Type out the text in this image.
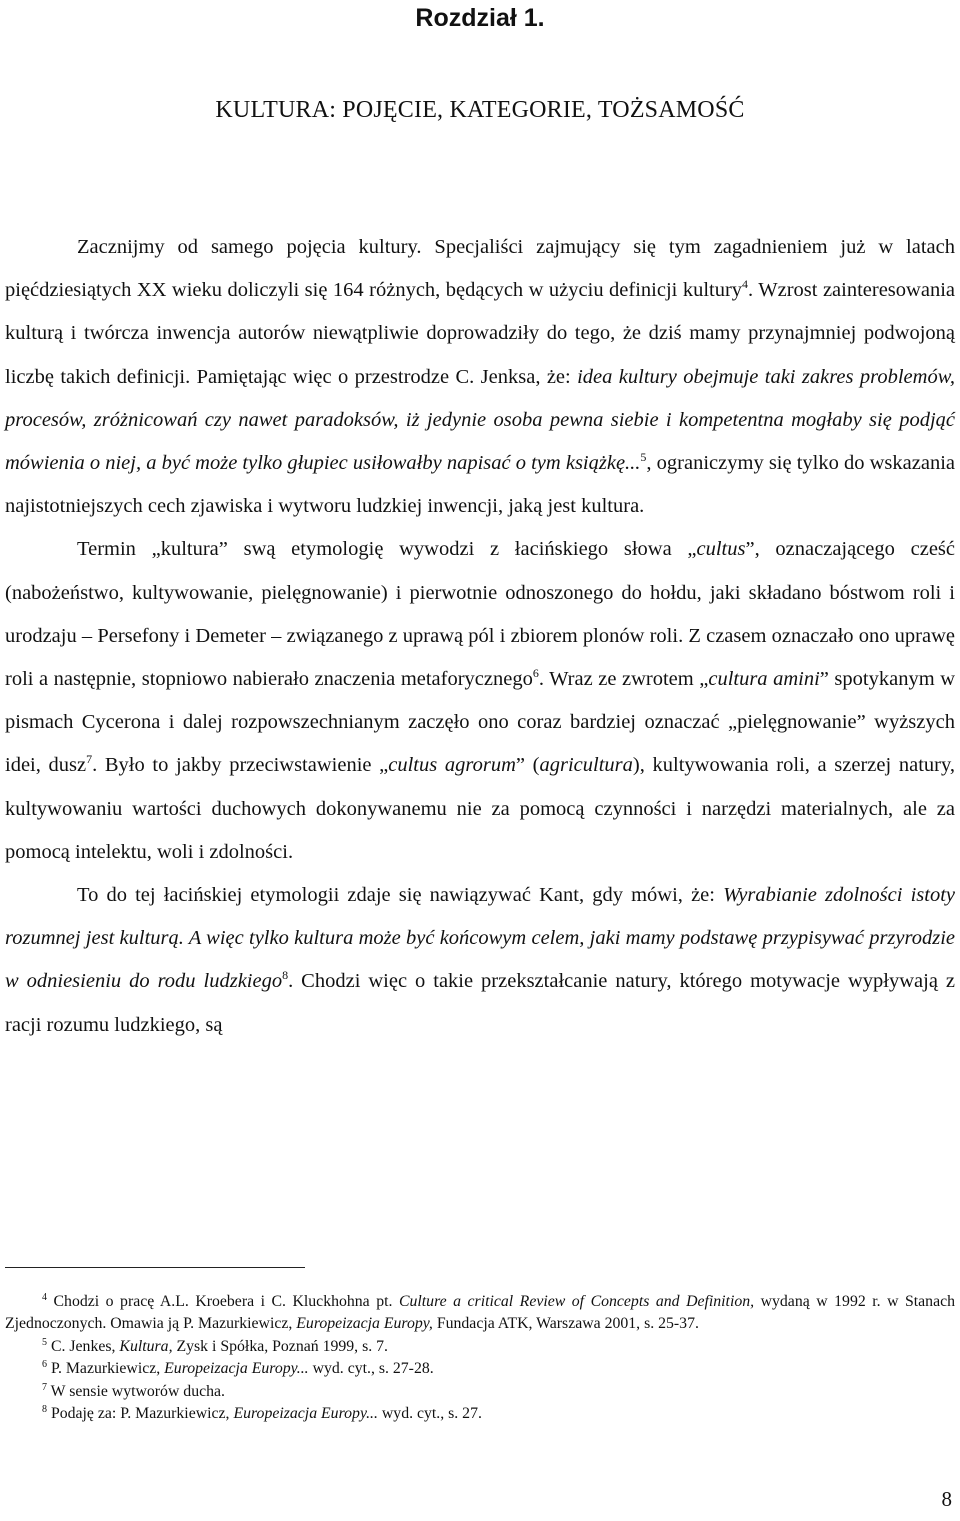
Rozdział 1.
KULTURA: POJĘCIE, KATEGORIE, TOŻSAMOŚĆ

Zacznijmy od samego pojęcia kultury. Specjaliści zajmujący się tym zagadnieniem już w latach pięćdziesiątych XX wieku doliczyli się 164 różnych, będących w użyciu definicji kultury$^4$. Wzrost zainteresowania kulturą i twórcza inwencja autorów niewątpliwie doprowadziły do tego, że dziś mamy przynajmniej podwojoną liczbę takich definicji. Pamiętając więc o przestrodze C. Jenksa, że: idea kultury obejmuje taki zakres problemów, procesów, zróżnicowań czy nawet paradoksów, iż jedynie osoba pewna siebie i kompetentna mogłaby się podjąć mówienia o niej, a być może tylko głupiec usiłowałby napisać o tym książkę...$^5$, ograniczymy się tylko do wskazania najistotniejszych cech zjawiska i wytworu ludzkiej inwencji, jaką jest kultura.

Termin „kultura” swą etymologię wywodzi z łacińskiego słowa „cultus”, oznaczającego cześć (nabożeństwo, kultywowanie, pielęgnowanie) i pierwotnie odnoszonego do hołdu, jaki składano bóstwom roli i urodzaju – Persefony i Demeter – związanego z uprawą pól i zbiorem plonów roli. Z czasem oznaczało ono uprawę roli a następnie, stopniowo nabierało znaczenia metaforycznego$^6$. Wraz ze zwrotem „cultura amini” spotykanym w pismach Cycerona i dalej rozpowszechnianym zaczęło ono coraz bardziej oznaczać „pielęgnowanie” wyższych idei, dusz$^7$. Było to jakby przeciwstawienie „cultus agrorum” (agricultura), kultywowania roli, a szerzej natury, kultywowaniu wartości duchowych dokonywanemu nie za pomocą czynności i narzędzi materialnych, ale za pomocą intelektu, woli i zdolności.

To do tej łacińskiej etymologii zdaje się nawiązywać Kant, gdy mówi, że: Wyrabianie zdolności istoty rozumnej jest kulturą. A więc tylko kultura może być końcowym celem, jaki mamy podstawę przypisywać przyrodzie w odniesieniu do rodu ludzkiego$^8$. Chodzi więc o takie przekształcanie natury, którego motywacje wypływają z racji rozumu ludzkiego, są

$^4$ Chodzi o pracę A.L. Kroebera i C. Kluckhohna pt. Culture a critical Review of Concepts and Definition, wydaną w 1992 r. w Stanach Zjednoczonych. Omawia ją P. Mazurkiewicz, Europeizacja Europy, Fundacja ATK, Warszawa 2001, s. 25-37.

$^5$ C. Jenkes, Kultura, Zysk i Spółka, Poznań 1999, s. 7.

$^6$ P. Mazurkiewicz, Europeizacja Europy... wyd. cyt., s. 27-28.

$^7$ W sensie wytworów ducha.

$^8$ Podaję za: P. Mazurkiewicz, Europeizacja Europy... wyd. cyt., s. 27.

8
